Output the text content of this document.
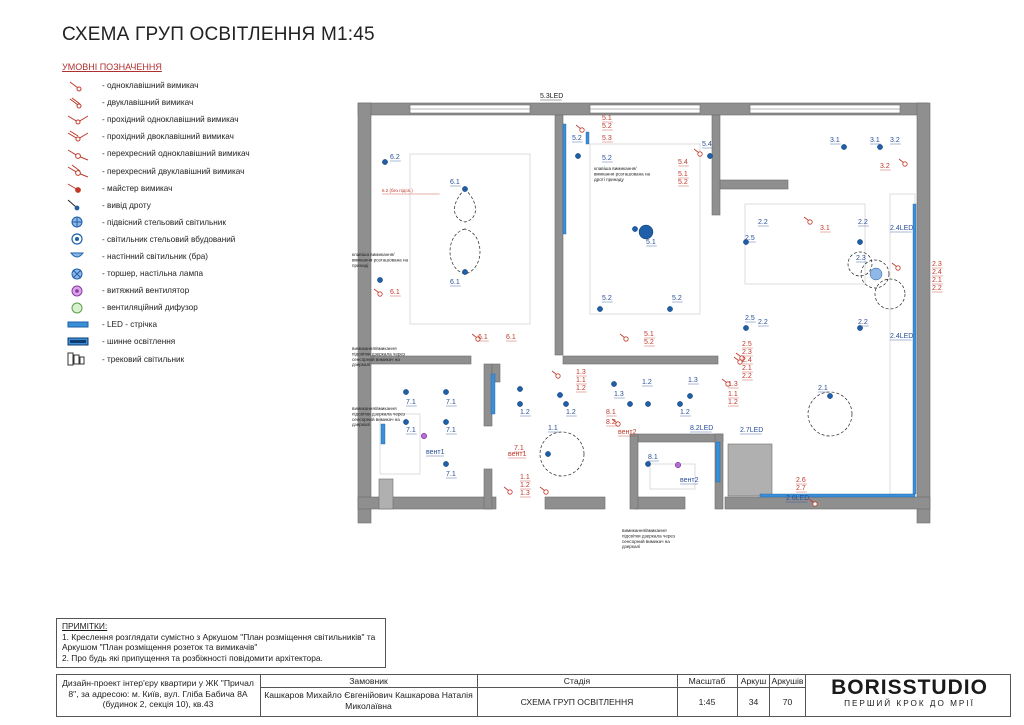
СХЕМА ГРУП ОСВІТЛЕННЯ М1:45
УМОВНІ ПОЗНАЧЕННЯ
- одноклавішний вимикач
- двуклавішний вимикач
- прохідний одноклавішний вимикач
- прохідний двоклавішний вимикач
- перехресний одноклавішний вимикач
- перехресний двуклавішний вимикач
- майстер вимикач
- вивід дроту
- підвісний стельовий світильник
- світильник стельовий вбудований
- настінний світильник (бра)
- торшер, настільна лампа
- витяжний вентилятор
- вентиляційний дифузор
- LED - стрічка
- шинне освітлення
- трековий світильник
5.3LED
6.2
6.2 (без підсв.)
6.1
6.1
6.1
6.1	6.1
5.1
5.2
5.3
5.2
5.2
5.4
5.4
5.1
5.2
5.1
5.2	5.2
5.1
5.2
3.1	3.1 3.2
3.2
3.1
2.2	2.2
2.4LED
2.5
2.3
2.3
2.4
2.1
2.2
2.5
2.2	2.2
2.4LED
2.5
2.3
2.4
2.1
2.2
2.1
2.6
2.7
2.6LED
2.7LED
8.2LED
1.3
1.1
1.2
1.2	1.2
1.3
1.2
1.2	1.3
1.3
1.1
1.2
1.1
7.1	7.1
7.1	7.1
7.1
7.1
вент1	вент1
1.1
1.2
1.3
8.1
8.2
вент2
8.1
вент2
клавіша вимикання/ вмикання розташована на дроті принаду
клавіша вимикання/ вмикання розташована на принаді
вимикання/вмикання підсвітки дзеркала через сенсорний вимикач на дзеркалі
вимикання/вмикання підсвітки дзеркала через сенсорний вимикач на дзеркалі
вимикання/вмикання підсвітки дзеркала через сенсорний вимикач на дзеркалі
ПРИМІТКИ:
1. Креслення розглядати сумістно з Аркушом "План розміщення світильників" та Аркушом "План розміщення розеток та вимикачів"
2. Про будь які припущення та розбіжності повідомити архітектора.
Дизайн-проект інтер'єру квартири у ЖК "Причал 8", за адресою: м. Київ, вул. Гліба Бабича 8А (будинок 2, секція 10), кв.43
Замовник
Кашкаров Михайло Євгенійович Кашкарова Наталія Миколаївна
Стадія
СХЕМА ГРУП ОСВІТЛЕННЯ
Масштаб
1:45
Аркуш
34
Аркушів
70
BORISSTUDIO
ПЕРШИЙ КРОК ДО МРІЇ
